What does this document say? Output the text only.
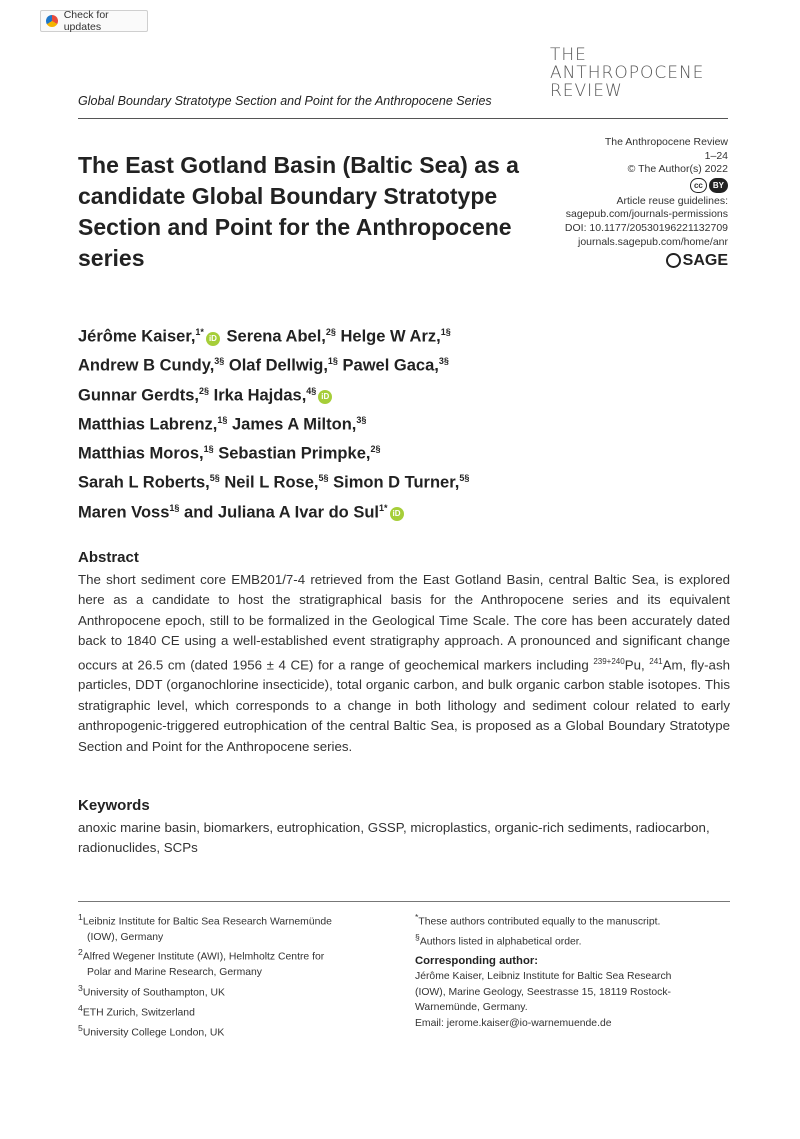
Check for updates
THE
ANTHROPOCENE
REVIEW
Global Boundary Stratotype Section and Point for the Anthropocene Series
The East Gotland Basin (Baltic Sea) as a candidate Global Boundary Stratotype Section and Point for the Anthropocene series
The Anthropocene Review
1–24
© The Author(s) 2022
cc	BY
Article reuse guidelines:
sagepub.com/journals-permissions
DOI: 10.1177/20530196221132709
journals.sagepub.com/home/anr
SAGE
Jérôme Kaiser,$^{1*}$iD Serena Abel,$^{2\S}$ Helge W Arz,$^{1\S}$
Andrew B Cundy,$^{3\S}$ Olaf Dellwig,$^{1\S}$ Pawel Gaca,$^{3\S}$
Gunnar Gerdts,$^{2\S}$ Irka Hajdas,$^{4\S}$iD
Matthias Labrenz,$^{1\S}$ James A Milton,$^{3\S}$
Matthias Moros,$^{1\S}$ Sebastian Primpke,$^{2\S}$
Sarah L Roberts,$^{5\S}$ Neil L Rose,$^{5\S}$ Simon D Turner,$^{5\S}$
Maren Voss$^{1\S}$ and Juliana A Ivar do Sul$^{1*}$iD
Abstract
The short sediment core EMB201/7-4 retrieved from the East Gotland Basin, central Baltic Sea, is explored here as a candidate to host the stratigraphical basis for the Anthropocene series and its equivalent Anthropocene epoch, still to be formalized in the Geological Time Scale. The core has been accurately dated back to 1840 CE using a well-established event stratigraphy approach. A pronounced and significant change occurs at 26.5 cm (dated 1956 ± 4 CE) for a range of geochemical markers including $^{239+240}$Pu, $^{241}$Am, fly-ash particles, DDT (organochlorine insecticide), total organic carbon, and bulk organic carbon stable isotopes. This stratigraphic level, which corresponds to a change in both lithology and sediment colour related to early anthropogenic-triggered eutrophication of the central Baltic Sea, is proposed as a Global Boundary Stratotype Section and Point for the Anthropocene series.
Keywords
anoxic marine basin, biomarkers, eutrophication, GSSP, microplastics, organic-rich sediments, radiocarbon, radionuclides, SCPs
$^1$Leibniz Institute for Baltic Sea Research Warnemünde
(IOW), Germany
$^2$Alfred Wegener Institute (AWI), Helmholtz Centre for
Polar and Marine Research, Germany
$^3$University of Southampton, UK
$^4$ETH Zurich, Switzerland
$^5$University College London, UK
*These authors contributed equally to the manuscript.
§Authors listed in alphabetical order.
Corresponding author:
Jérôme Kaiser, Leibniz Institute for Baltic Sea Research
(IOW), Marine Geology, Seestrasse 15, 18119 Rostock-
Warnemünde, Germany.
Email: jerome.kaiser@io-warnemuende.de
